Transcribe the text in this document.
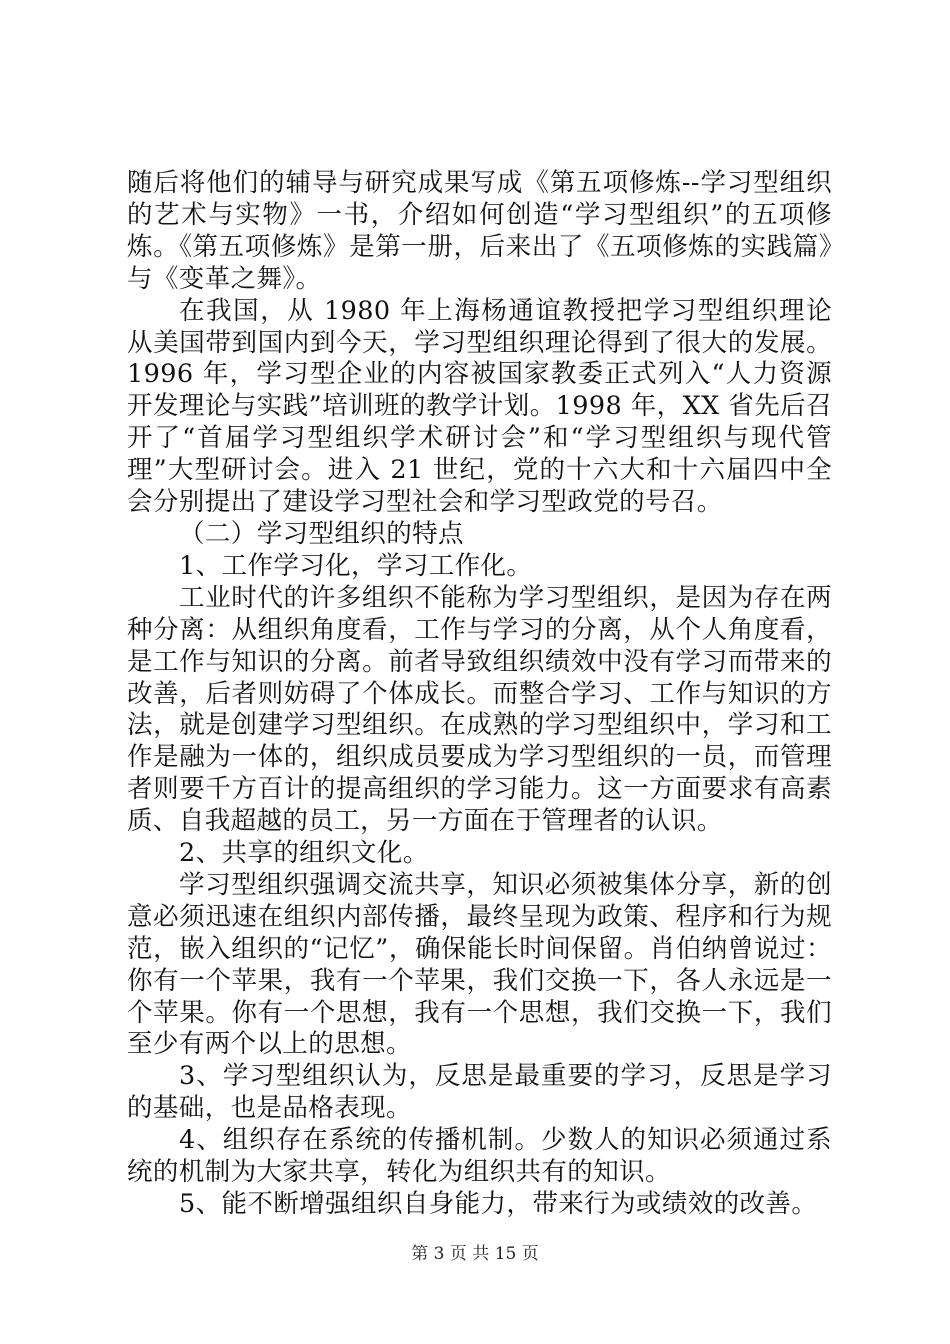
随后将他们的辅导与研究成果写成《第五项修炼--学习型组织的艺术与实物》一书，介绍如何创造“学习型组织”的五项修炼。《第五项修炼》是第一册，后来出了《五项修炼的实践篇》与《变革之舞》。

在我国，从 1980 年上海杨通谊教授把学习型组织理论从美国带到国内到今天，学习型组织理论得到了很大的发展。1996 年，学习型企业的内容被国家教委正式列入“人力资源开发理论与实践”培训班的教学计划。1998 年，XX 省先后召开了“首届学习型组织学术研讨会”和“学习型组织与现代管理”大型研讨会。进入 21 世纪，党的十六大和十六届四中全会分别提出了建设学习型社会和学习型政党的号召。

（二）学习型组织的特点

1、工作学习化，学习工作化。

工业时代的许多组织不能称为学习型组织，是因为存在两种分离：从组织角度看，工作与学习的分离，从个人角度看，是工作与知识的分离。前者导致组织绩效中没有学习而带来的改善，后者则妨碍了个体成长。而整合学习、工作与知识的方法，就是创建学习型组织。在成熟的学习型组织中，学习和工作是融为一体的，组织成员要成为学习型组织的一员，而管理者则要千方百计的提高组织的学习能力。这一方面要求有高素质、自我超越的员工，另一方面在于管理者的认识。

2、共享的组织文化。

学习型组织强调交流共享，知识必须被集体分享，新的创意必须迅速在组织内部传播，最终呈现为政策、程序和行为规范，嵌入组织的“记忆”，确保能长时间保留。肖伯纳曾说过：你有一个苹果，我有一个苹果，我们交换一下，各人永远是一个苹果。你有一个思想，我有一个思想，我们交换一下，我们至少有两个以上的思想。

3、学习型组织认为，反思是最重要的学习，反思是学习的基础，也是品格表现。

4、组织存在系统的传播机制。少数人的知识必须通过系统的机制为大家共享，转化为组织共有的知识。

5、能不断增强组织自身能力，带来行为或绩效的改善。

第 3 页 共 15 页
